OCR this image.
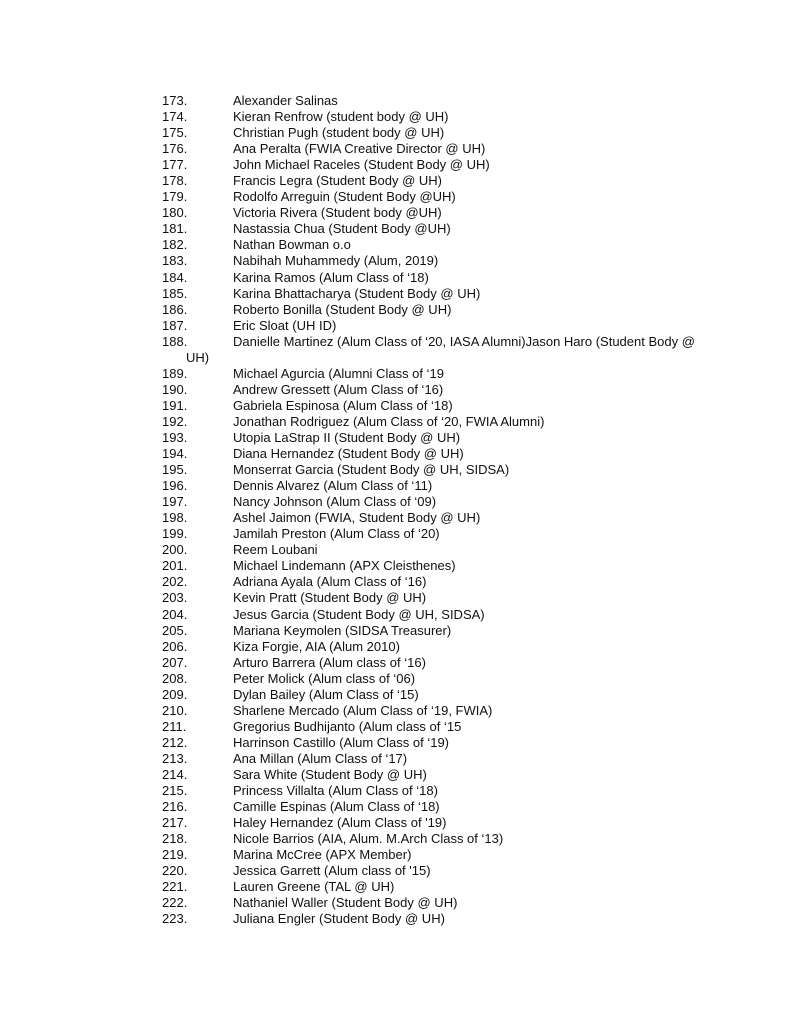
173.	Alexander Salinas
174.	Kieran Renfrow (student body @ UH)
175.	Christian Pugh (student body @ UH)
176.	Ana Peralta (FWIA Creative Director @ UH)
177.	John Michael Raceles (Student Body @ UH)
178.	Francis Legra (Student Body @ UH)
179.	Rodolfo Arreguin (Student Body @UH)
180.	Victoria Rivera (Student body @UH)
181.	Nastassia Chua (Student Body @UH)
182.	Nathan Bowman o.o
183.	Nabihah Muhammedy (Alum, 2019)
184.	Karina Ramos (Alum Class of ‘18)
185.	Karina Bhattacharya (Student Body @ UH)
186.	Roberto Bonilla (Student Body @ UH)
187.	Eric Sloat (UH ID)
188.	Danielle Martinez (Alum Class of ‘20, IASA Alumni)Jason Haro (Student Body @
UH)
189.	Michael Agurcia (Alumni Class of ‘19
190.	Andrew Gressett (Alum Class of ‘16)
191.	Gabriela Espinosa (Alum Class of ‘18)
192.	Jonathan Rodriguez (Alum Class of ‘20, FWIA Alumni)
193.	Utopia LaStrap II (Student Body @ UH)
194.	Diana Hernandez (Student Body @ UH)
195.	Monserrat Garcia (Student Body @ UH, SIDSA)
196.	Dennis Alvarez (Alum Class of ‘11)
197.	Nancy Johnson (Alum Class of ‘09)
198.	Ashel Jaimon (FWIA, Student Body @ UH)
199.	Jamilah Preston (Alum Class of ‘20)
200.	Reem Loubani
201.	Michael Lindemann (APX Cleisthenes)
202.	Adriana Ayala (Alum Class of ‘16)
203.	Kevin Pratt (Student Body @ UH)
204.	Jesus Garcia (Student Body @ UH, SIDSA)
205.	Mariana Keymolen (SIDSA Treasurer)
206.	Kiza Forgie, AIA (Alum 2010)
207.	Arturo Barrera (Alum class of ‘16)
208.	Peter Molick (Alum class of ‘06)
209.	Dylan Bailey (Alum Class of ‘15)
210.	Sharlene Mercado (Alum Class of ‘19, FWIA)
211.	Gregorius Budhijanto (Alum class of ‘15
212.	Harrinson Castillo (Alum Class of ‘19)
213.	Ana Millan (Alum Class of ‘17)
214.	Sara White (Student Body @ UH)
215.	Princess Villalta (Alum Class of ‘18)
216.	Camille Espinas (Alum Class of ‘18)
217.	Haley Hernandez (Alum Class of '19)
218.	Nicole Barrios (AIA, Alum. M.Arch Class of ‘13)
219.	Marina McCree (APX Member)
220.	Jessica Garrett (Alum class of '15)
221.	Lauren Greene (TAL @ UH)
222.	Nathaniel Waller (Student Body @ UH)
223.	Juliana Engler (Student Body @ UH)
